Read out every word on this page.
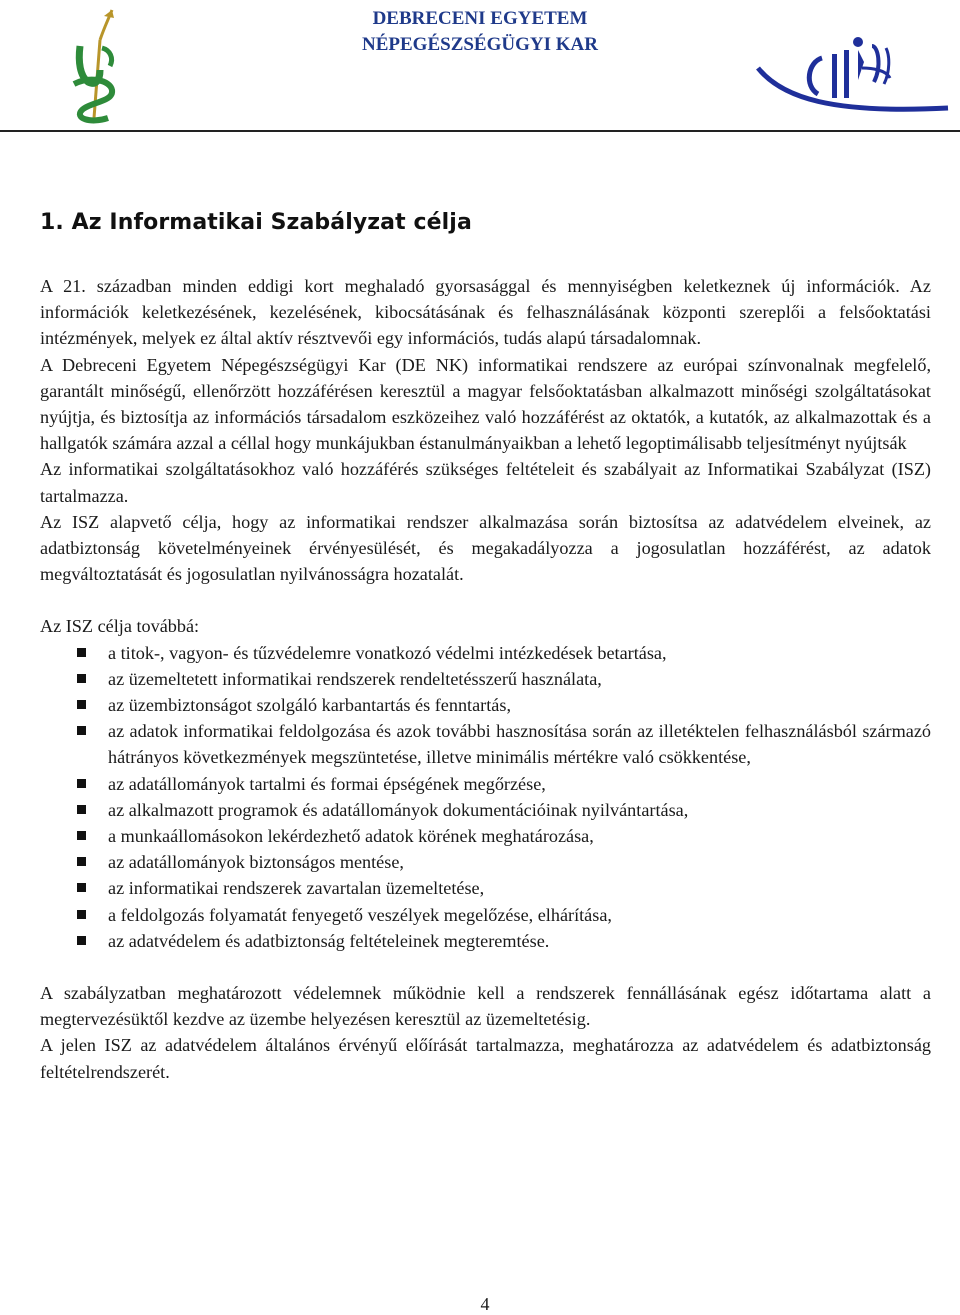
DEBRECENI EGYETEM
NÉPEGÉSZSÉGÜGYI KAR
1. Az Informatikai Szabályzat célja

A 21. században minden eddigi kort meghaladó gyorsasággal és mennyiségben keletkeznek új információk. Az információk keletkezésének, kezelésének, kibocsátásának és felhasználásának központi szereplői a felsőoktatási intézmények, melyek ez által aktív résztvevői egy információs, tudás alapú társadalomnak.

A Debreceni Egyetem Népegészségügyi Kar (DE NK) informatikai rendszere az európai színvonalnak megfelelő, garantált minőségű, ellenőrzött hozzáférésen keresztül a magyar felsőoktatásban alkalmazott minőségi szolgáltatásokat nyújtja, és biztosítja az információs társadalom eszközeihez való hozzáférést az oktatók, a kutatók, az alkalmazottak és a hallgatók számára azzal a céllal hogy munkájukban éstanulmányaikban a lehető legoptimálisabb teljesítményt nyújtsák

Az informatikai szolgáltatásokhoz való hozzáférés szükséges feltételeit és szabályait az Informatikai Szabályzat (ISZ) tartalmazza.

Az ISZ alapvető célja, hogy az informatikai rendszer alkalmazása során biztosítsa az adatvédelem elveinek, az adatbiztonság követelményeinek érvényesülését, és megakadályozza a jogosulatlan hozzáférést, az adatok megváltoztatását és jogosulatlan nyilvánosságra hozatalát.

Az ISZ célja továbbá:

a titok-, vagyon- és tűzvédelemre vonatkozó védelmi intézkedések betartása,
az üzemeltetett informatikai rendszerek rendeltetésszerű használata,
az üzembiztonságot szolgáló karbantartás és fenntartás,
az adatok informatikai feldolgozása és azok további hasznosítása során az illetéktelen felhasználásból származó hátrányos következmények megszüntetése, illetve minimális mértékre való csökkentése,
az adatállományok tartalmi és formai épségének megőrzése,
az alkalmazott programok és adatállományok dokumentációinak nyilvántartása,
a munkaállomásokon lekérdezhető adatok körének meghatározása,
az adatállományok biztonságos mentése,
az informatikai rendszerek zavartalan üzemeltetése,
a feldolgozás folyamatát fenyegető veszélyek megelőzése, elhárítása,
az adatvédelem és adatbiztonság feltételeinek megteremtése.

A szabályzatban meghatározott védelemnek működnie kell a rendszerek fennállásának egész időtartama alatt a megtervezésüktől kezdve az üzembe helyezésen keresztül az üzemeltetésig.

A jelen ISZ az adatvédelem általános érvényű előírását tartalmazza, meghatározza az adatvédelem és adatbiztonság feltételrendszerét.

4
